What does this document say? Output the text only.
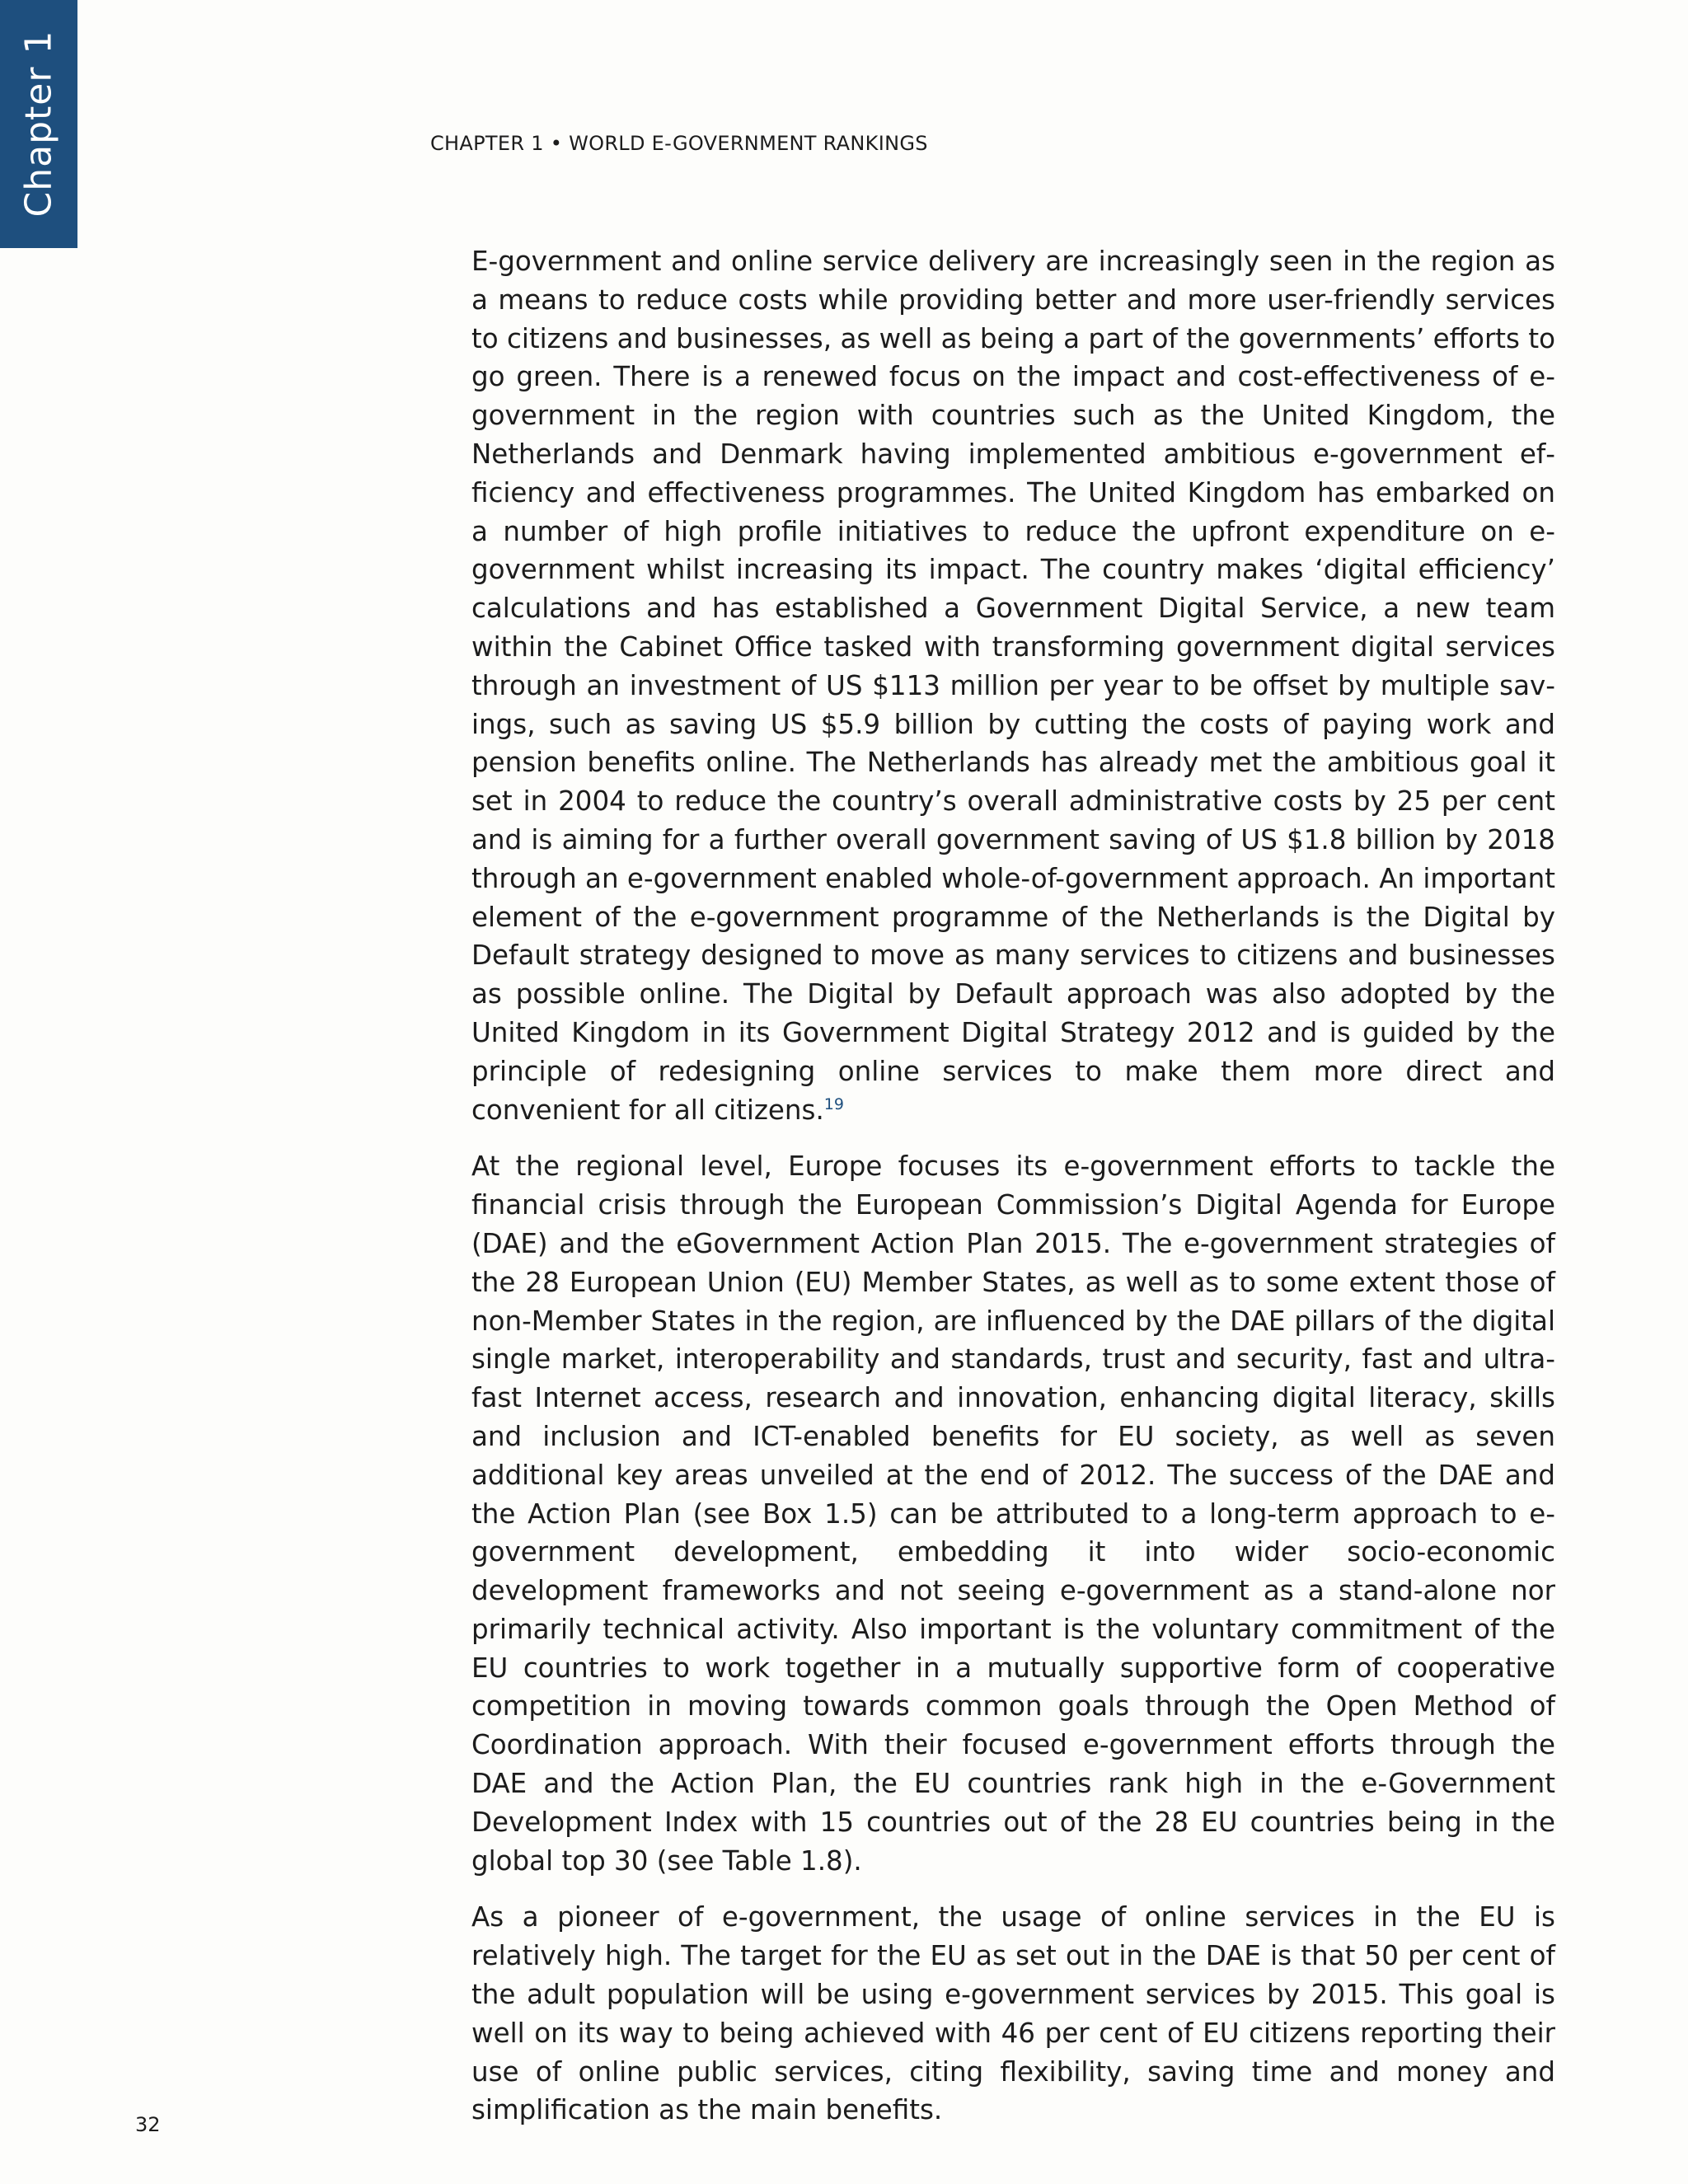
Chapter 1	CHAPTER 1 • WORLD E-GOVERNMENT RANKINGS

E-government and online service delivery are increasingly seen in the region as a means to reduce costs while providing better and more user-friendly services to citizens and businesses, as well as being a part of the governments’ efforts to go green. There is a renewed focus on the impact and cost-effectiveness of e-government in the region with countries such as the United Kingdom, the Netherlands and Denmark having implemented ambitious e-government efficiency and effectiveness programmes. The United Kingdom has embarked on a number of high profile initiatives to reduce the upfront expenditure on e-government whilst increasing its impact. The country makes ‘digital efficiency’ calculations and has established a Government Digital Service, a new team within the Cabinet Office tasked with transforming government digital services through an investment of US $113 million per year to be offset by multiple savings, such as saving US $5.9 billion by cutting the costs of paying work and pension benefits online. The Netherlands has already met the ambitious goal it set in 2004 to reduce the country’s overall administrative costs by 25 per cent and is aiming for a further overall government saving of US $1.8 billion by 2018 through an e-government enabled whole-of-government approach. An important element of the e-government programme of the Netherlands is the Digital by Default strategy designed to move as many services to citizens and businesses as possible online. The Digital by Default approach was also adopted by the United Kingdom in its Government Digital Strategy 2012 and is guided by the principle of redesigning online services to make them more direct and convenient for all citizens.$^{19}$

At the regional level, Europe focuses its e-government efforts to tackle the financial crisis through the European Commission’s Digital Agenda for Europe (DAE) and the eGovernment Action Plan 2015. The e-government strategies of the 28 European Union (EU) Member States, as well as to some extent those of non-Member States in the region, are influenced by the DAE pillars of the digital single market, interoperability and standards, trust and security, fast and ultra-fast Internet access, research and innovation, enhancing digital literacy, skills and inclusion and ICT-enabled benefits for EU society, as well as seven additional key areas unveiled at the end of 2012. The success of the DAE and the Action Plan (see Box 1.5) can be attributed to a long-term approach to e-government development, embedding it into wider socio-economic development frameworks and not seeing e-government as a stand-alone nor primarily technical activity. Also important is the voluntary commitment of the EU countries to work together in a mutually supportive form of cooperative competition in moving towards common goals through the Open Method of Coordination approach. With their focused e-government efforts through the DAE and the Action Plan, the EU countries rank high in the e-Government Development Index with 15 countries out of the 28 EU countries being in the global top 30 (see Table 1.8).

As a pioneer of e-government, the usage of online services in the EU is relatively high. The target for the EU as set out in the DAE is that 50 per cent of the adult population will be using e-government services by 2015. This goal is well on its way to being achieved with 46 per cent of EU citizens reporting their use of online public services, citing flexibility, saving time and money and simplification as the main benefits.

32
